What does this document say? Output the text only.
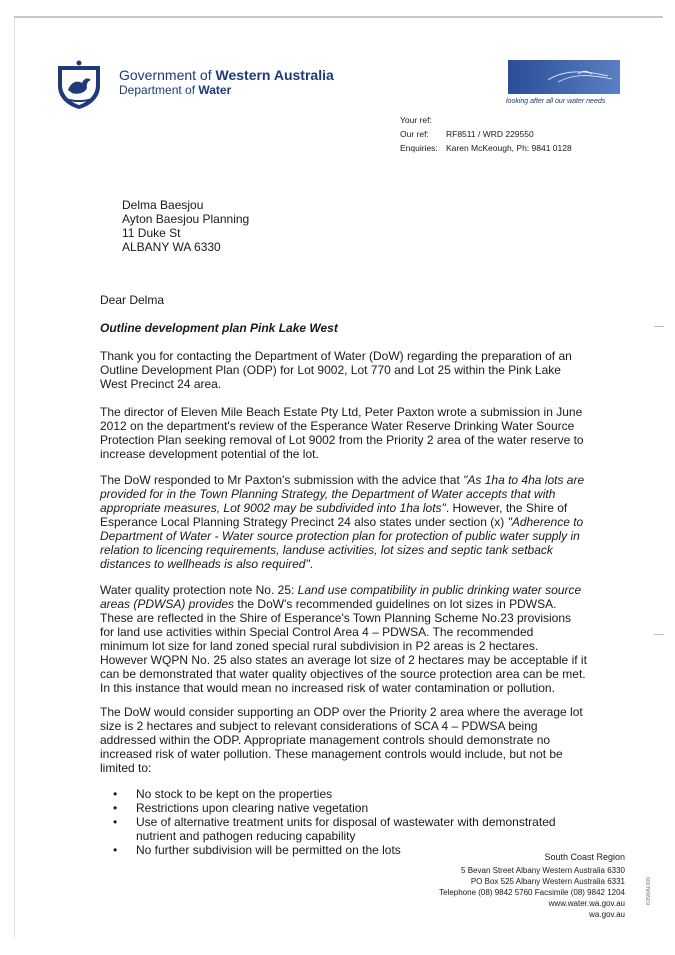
Government of Western Australia
Department of Water
looking after all our water needs
Your ref:
Our ref:	RF8511 / WRD 229550
Enquiries: Karen McKeough, Ph: 9841 0128
Delma Baesjou
Ayton Baesjou Planning
11 Duke St
ALBANY WA 6330
Dear Delma
Outline development plan Pink Lake West

Thank you for contacting the Department of Water (DoW) regarding the preparation of an

Outline Development Plan (ODP) for Lot 9002, Lot 770 and Lot 25 within the Pink Lake

West Precinct 24 area.

The director of Eleven Mile Beach Estate Pty Ltd, Peter Paxton wrote a submission in June

2012 on the department's review of the Esperance Water Reserve Drinking Water Source

Protection Plan seeking removal of Lot 9002 from the Priority 2 area of the water reserve to

increase development potential of the lot.

The DoW responded to Mr Paxton's submission with the advice that "As 1ha to 4ha lots are

provided for in the Town Planning Strategy, the Department of Water accepts that with

appropriate measures, Lot 9002 may be subdivided into 1ha lots". However, the Shire of

Esperance Local Planning Strategy Precinct 24 also states under section (x) "Adherence to

Department of Water - Water source protection plan for protection of public water supply in

relation to licencing requirements, landuse activities, lot sizes and septic tank setback

distances to wellheads is also required".

Water quality protection note No. 25: Land use compatibility in public drinking water source

areas (PDWSA) provides the DoW's recommended guidelines on lot sizes in PDWSA.

These are reflected in the Shire of Esperance's Town Planning Scheme No.23 provisions

for land use activities within Special Control Area 4 – PDWSA. The recommended

minimum lot size for land zoned special rural subdivision in P2 areas is 2 hectares.

However WQPN No. 25 also states an average lot size of 2 hectares may be acceptable if it

can be demonstrated that water quality objectives of the source protection area can be met.

In this instance that would mean no increased risk of water contamination or pollution.

The DoW would consider supporting an ODP over the Priority 2 area where the average lot

size is 2 hectares and subject to relevant considerations of SCA 4 – PDWSA being

addressed within the ODP. Appropriate management controls should demonstrate no

increased risk of water pollution. These management controls would include, but not be

limited to:

•	No stock to be kept on the properties

•	Restrictions upon clearing native vegetation

•	Use of alternative treatment units for disposal of wastewater with demonstrated

nutrient and pathogen reducing capability

•	No further subdivision will be permitted on the lots	South Coast Region
5 Bevan Street Albany Western Australia 6330
PO Box 525 Albany Western Australia 6331
Telephone (08) 9842 5760 Facsimile (08) 9842 1204
www.water.wa.gov.au
wa.gov.au
K05WAL009
